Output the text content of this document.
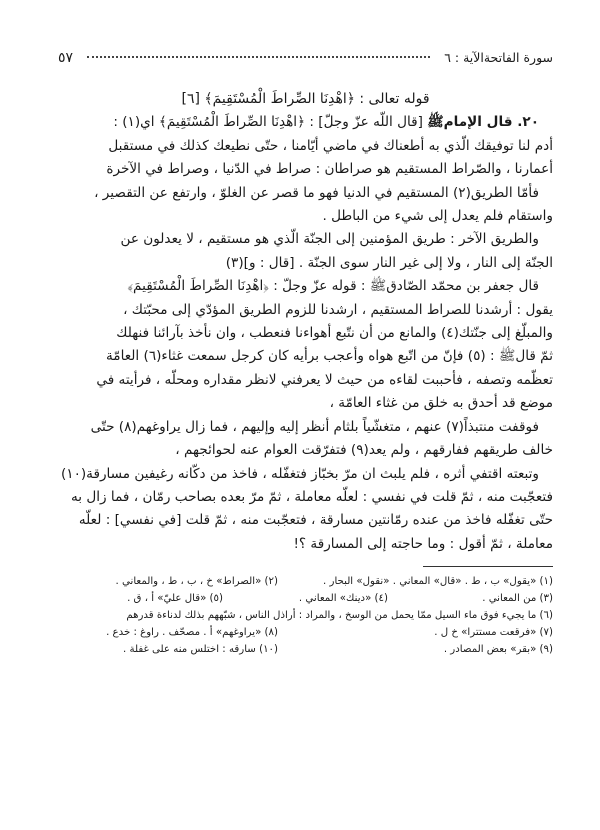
سورة الفاتحة‌الآية : ٦
٥٧

قوله تعالى : ﴿اهْدِنَا الصِّراطَ الْمُسْتَقِيمَ﴾ [٦]

٢٠. قال الإمامﷺ [قال اللّه عزّ وجلّ] : ﴿اهْدِنَا الصِّراطَ الْمُسْتَقِيمَ﴾ اي(١) :

أدم لنا توفيقك الّذي به أطعناك في ماضي أيّامنا ، حتّى نطيعك كذلك في مستقبل

أعمارنا ، والصّراط المستقيم هو صراطان : صراط في الدّنيا ، وصراط في الآخرة

فأمّا الطريق(٢) المستقيم في الدنيا فهو ما قصر عن الغلوّ ، وارتفع عن التقصير ،

واستقام فلم يعدل إلى شيء من الباطل .

والطريق الآخر : طريق المؤمنين إلى الجنّة الّذي هو مستقيم ، لا يعدلون عن

الجنّة إلى النار ، ولا إلى غير النار سوى الجنّة . [قال : و](٣)

قال جعفر بن محمّد الصّادقﷺ : قوله عزّ وجلّ : ﴿اهْدِنَا الصِّراطَ الْمُسْتَقِيمَ﴾

يقول : أرشدنا للصراط المستقيم ، ارشدنا للزوم الطريق المؤدّي إلى محبّتك ،

والمبلّغ إلى جنّتك(٤) والمانع من أن نتّبع أهواءنا فنعطب ، وان نأخذ بآرائنا فنهلك

ثمّ قالﷺ : (٥) فإنّ من اتّبع هواه وأعجب برأيه كان كرجل سمعت غثاء(٦) العامّة

تعظّمه وتصفه ، فأحببت لقاءه من حيث لا يعرفني لانظر مقداره ومحلّه ، فرأيته في

موضع قد أحدق به خلق من غثاء العامّة ،

فوقفت منتبذاً(٧) عنهم ، متغشّياً بلثام أنظر إليه وإليهم ، فما زال يراوغهم(٨) حتّى

خالف طريقهم ففارقهم ، ولم يعد(٩) فتفرّقت العوام عنه لحوائجهم ،

وتبعته اقتفي أثره ، فلم يلبث ان مرّ بخبّاز فتغفّله ، فاخذ من دكّانه رغيفين مسارقة(١٠)

فتعجّبت منه ، ثمّ قلت في نفسي : لعلّه معاملة ، ثمّ مرّ بعده بصاحب رمّان ، فما زال به

حتّى تغفّله فاخذ من عنده رمّانتين مسارقة ، فتعجّبت منه ، ثمّ قلت [في نفسي] : لعلّه

معاملة ، ثمّ أقول : وما حاجته إلى المسارقة ؟!

(١) «يقول» ب ، ط . «قال» المعاني . «نقول» البحار .
(٢) «الصراط» خ ، ب ، ط ، والمعاني .
(٣) من المعاني .
(٤) «دينك» المعاني .
(٥) «قال عليّ» أ ، ق .
(٦) ما يجيء فوق ماء السيل ممّا يحمل من الوسخ ، والمراد : أراذل الناس ، شبّههم بذلك لدناءة قدرهم
(٧) «فرقعت مستترا» خ ل .
(٨) «يراوغهم» أ . مصحّف . راوغ : خدع .
(٩) «بقر» بعض المصادر .
(١٠) سارقه : اختلس منه على غفلة .
